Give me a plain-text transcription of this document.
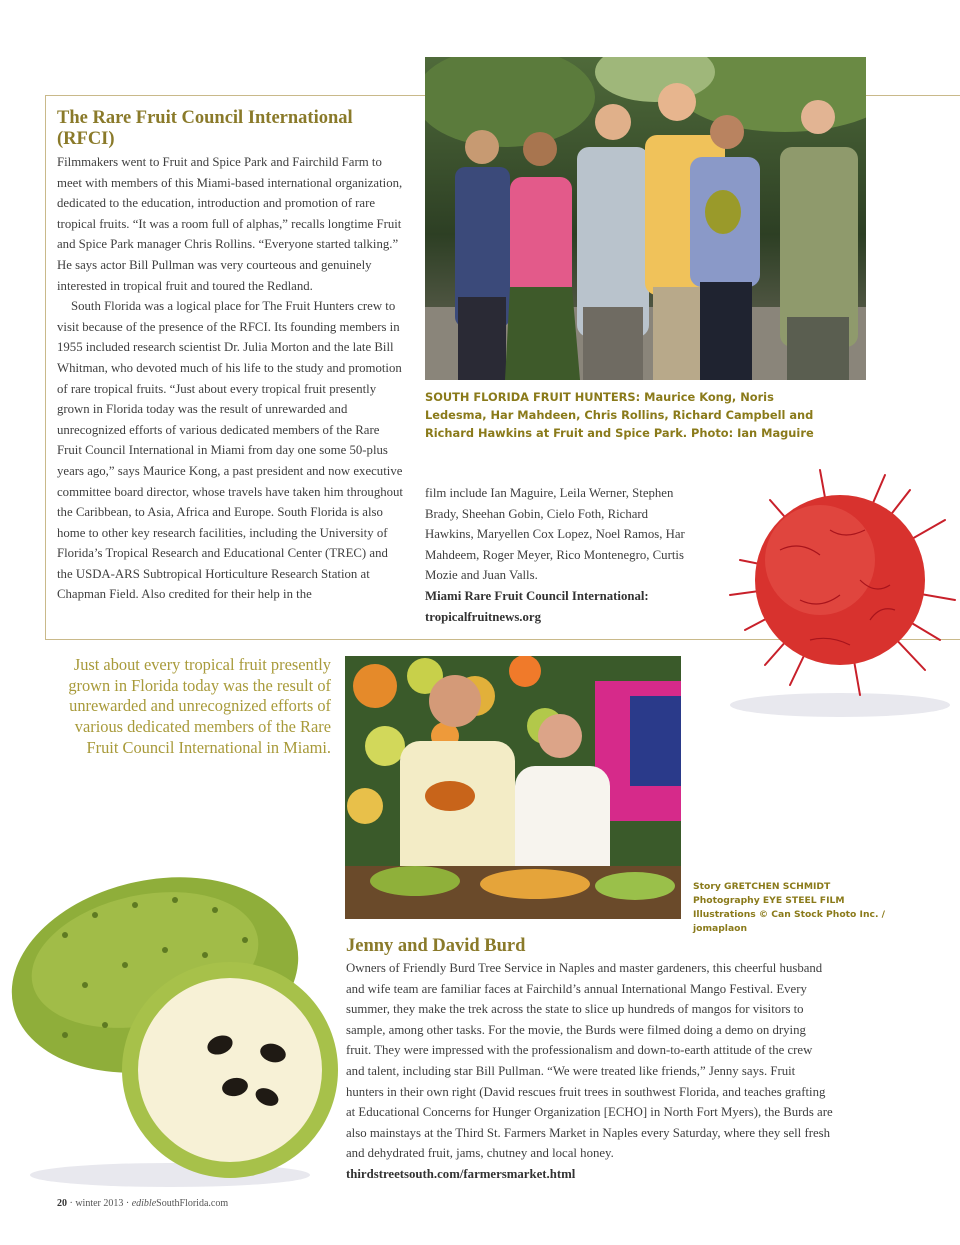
SOUTH FLORIDA FRUIT HUNTERS: Maurice Kong, Noris Ledesma, Har Mahdeen, Chris Rollins, Richard Campbell and Richard Hawkins at Fruit and Spice Park. Photo: Ian Maguire
The Rare Fruit Council International (RFCI)

Filmmakers went to Fruit and Spice Park and Fairchild Farm to meet with members of this Miami-based international organization, dedicated to the education, introduction and promotion of rare tropical fruits. “It was a room full of alphas,” recalls longtime Fruit and Spice Park manager Chris Rollins. “Everyone started talking.” He says actor Bill Pullman was very courteous and genuinely interested in tropical fruit and toured the Redland.

South Florida was a logical place for The Fruit Hunters crew to visit because of the presence of the RFCI. Its founding members in 1955 included research scientist Dr. Julia Morton and the late Bill Whitman, who devoted much of his life to the study and promotion of rare tropical fruits. “Just about every tropical fruit presently grown in Florida today was the result of unrewarded and unrecognized efforts of various dedicated members of the Rare Fruit Council International in Miami from day one some 50-plus years ago,” says Maurice Kong, a past president and now executive committee board director, whose travels have taken him throughout the Caribbean, to Asia, Africa and Europe. South Florida is also home to other key research facilities, including the University of Florida’s Tropical Research and Educational Center (TREC) and the USDA-ARS Subtropical Horticulture Research Station at Chapman Field. Also credited for their help in the

film include Ian Maguire, Leila Werner, Stephen Brady, Sheehan Gobin, Cielo Foth, Richard Hawkins, Maryellen Cox Lopez, Noel Ramos, Har Mahdeem, Roger Meyer, Rico Montenegro, Curtis Mozie and Juan Valls.

Miami Rare Fruit Council International:

tropicalfruitnews.org

Just about every tropical fruit presently grown in Florida today was the result of unrewarded and unrecognized efforts of various dedicated members of the Rare Fruit Council International in Miami.
Story GRETCHEN SCHMIDT
Photography EYE STEEL FILM
Illustrations © Can Stock Photo Inc. / jomaplaon
Jenny and David Burd
Owners of Friendly Burd Tree Service in Naples and master gardeners, this cheerful husband and wife team are familiar faces at Fairchild’s annual International Mango Festival. Every summer, they make the trek across the state to slice up hundreds of mangos for visitors to sample, among other tasks. For the movie, the Burds were filmed doing a demo on drying fruit. They were impressed with the professionalism and down-to-earth attitude of the crew and talent, including star Bill Pullman. “We were treated like friends,” Jenny says. Fruit hunters in their own right (David rescues fruit trees in southwest Florida, and teaches grafting at Educational Concerns for Hunger Organization [ECHO] in North Fort Myers), the Burds are also mainstays at the Third St. Farmers Market in Naples every Saturday, where they sell fresh and dehydrated fruit, jams, chutney and local honey. thirdstreetsouth.com/farmersmarket.html
20 · winter 2013 · edibleSouthFlorida.com
